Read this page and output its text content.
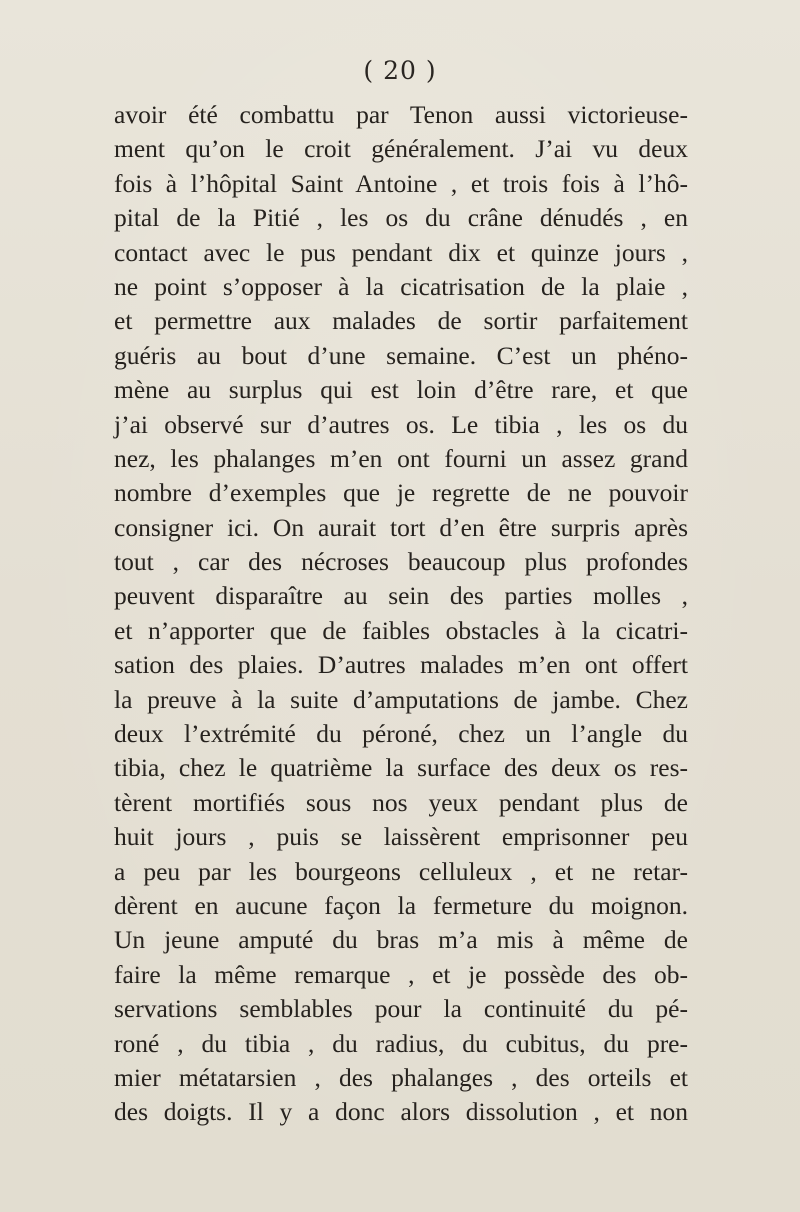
( 20 )
avoir été combattu par Tenon aussi victorieuse-
ment qu’on le croit généralement. J’ai vu deux
fois à l’hôpital Saint Antoine , et trois fois à l’hô-
pital de la Pitié , les os du crâne dénudés , en
contact avec le pus pendant dix et quinze jours ,
ne point s’opposer à la cicatrisation de la plaie ,
et permettre aux malades de sortir parfaitement
guéris au bout d’une semaine. C’est un phéno-
mène au surplus qui est loin d’être rare, et que
j’ai observé sur d’autres os. Le tibia , les os du
nez, les phalanges m’en ont fourni un assez grand
nombre d’exemples que je regrette de ne pouvoir
consigner ici. On aurait tort d’en être surpris après
tout , car des nécroses beaucoup plus profondes
peuvent disparaître au sein des parties molles ,
et n’apporter que de faibles obstacles à la cicatri-
sation des plaies. D’autres malades m’en ont offert
la preuve à la suite d’amputations de jambe. Chez
deux l’extrémité du péroné, chez un l’angle du
tibia, chez le quatrième la surface des deux os res-
tèrent mortifiés sous nos yeux pendant plus de
huit jours , puis se laissèrent emprisonner peu
a peu par les bourgeons celluleux , et ne retar-
dèrent en aucune façon la fermeture du moignon.
Un jeune amputé du bras m’a mis à même de
faire la même remarque , et je possède des ob-
servations semblables pour la continuité du pé-
roné , du tibia , du radius, du cubitus, du pre-
mier métatarsien , des phalanges , des orteils et
des doigts. Il y a donc alors dissolution , et non
